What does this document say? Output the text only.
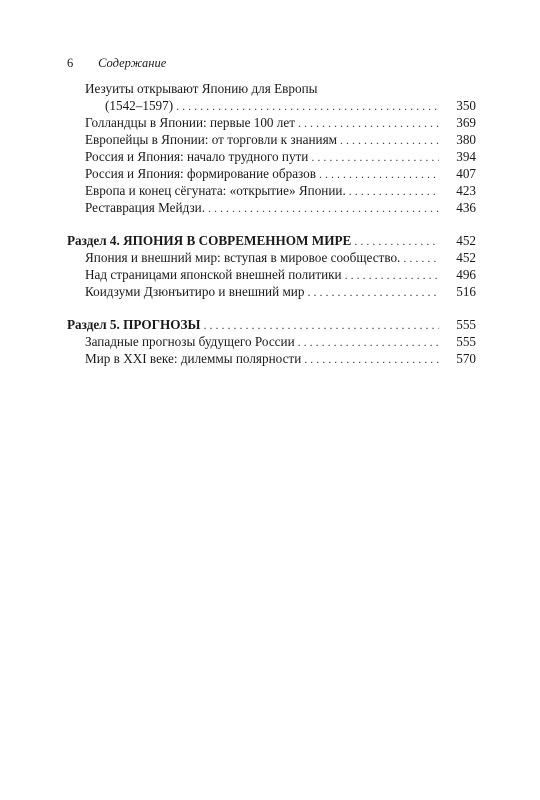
6 Содержание
Иезуиты открывают Японию для Европы
(1542–1597) . . .	350
Голландцы в Японии: первые 100 лет . . .	369
Европейцы в Японии: от торговли к знаниям . . .	380
Россия и Япония: начало трудного пути . . .	394
Россия и Япония: формирование образов . . .	407
Европа и конец сёгуната: «открытие» Японии. . . .	423
Реставрация Мейдзи. . . .	436
Раздел 4. ЯПОНИЯ В СОВРЕМЕННОМ МИРЕ . . .	452
Япония и внешний мир: вступая в мировое сообщество. . . .	452
Над страницами японской внешней политики . . .	496
Коидзуми Дзюнъитиро и внешний мир . . .	516
Раздел 5. ПРОГНОЗЫ . . .	555
Западные прогнозы будущего России . . .	555
Мир в XXI веке: дилеммы полярности . . .	570
